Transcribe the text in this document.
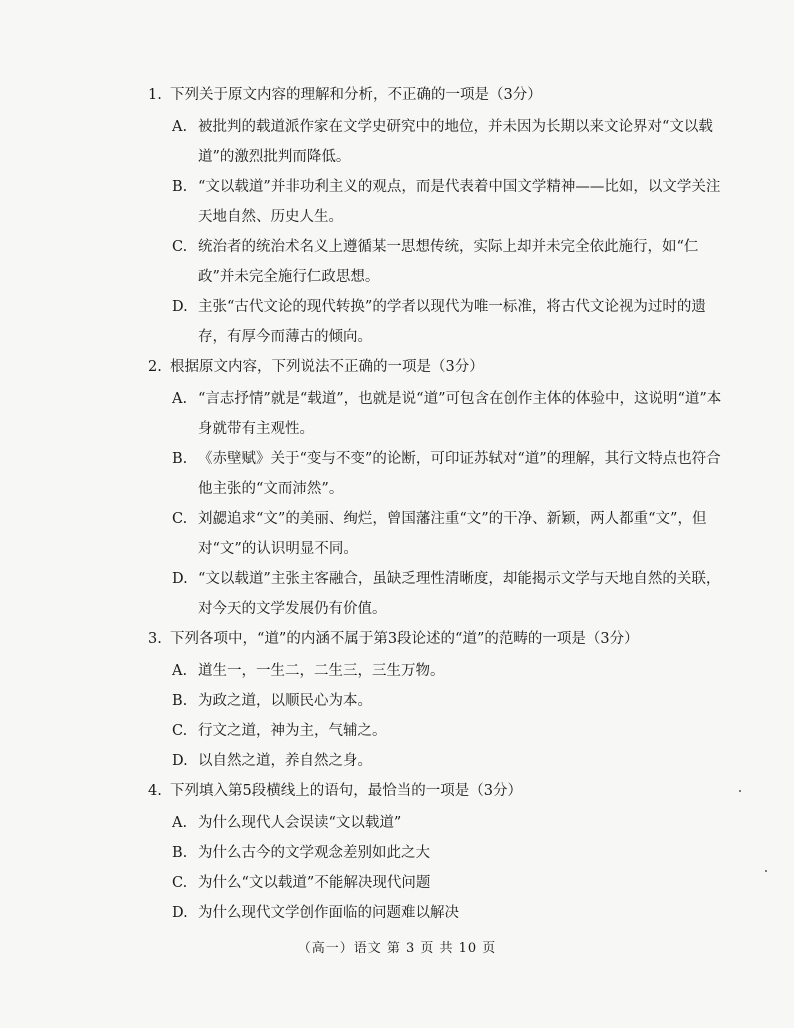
1. 下列关于原文内容的理解和分析，不正确的一项是（3分）
A. 被批判的载道派作家在文学史研究中的地位，并未因为长期以来文论界对“文以载道”的激烈批判而降低。
B. “文以载道”并非功利主义的观点，而是代表着中国文学精神——比如，以文学关注天地自然、历史人生。
C. 统治者的统治术名义上遵循某一思想传统，实际上却并未完全依此施行，如“仁政”并未完全施行仁政思想。
D. 主张“古代文论的现代转换”的学者以现代为唯一标准，将古代文论视为过时的遗存，有厚今而薄古的倾向。
2. 根据原文内容，下列说法不正确的一项是（3分）
A. “言志抒情”就是“载道”，也就是说“道”可包含在创作主体的体验中，这说明“道”本身就带有主观性。
B. 《赤壁赋》关于“变与不变”的论断，可印证苏轼对“道”的理解，其行文特点也符合他主张的“文而沛然”。
C. 刘勰追求“文”的美丽、绚烂，曾国藩注重“文”的干净、新颖，两人都重“文”，但对“文”的认识明显不同。
D. “文以载道”主张主客融合，虽缺乏理性清晰度，却能揭示文学与天地自然的关联，对今天的文学发展仍有价值。
3. 下列各项中，“道”的内涵不属于第3段论述的“道”的范畴的一项是（3分）
A. 道生一，一生二，二生三，三生万物。
B. 为政之道，以顺民心为本。
C. 行文之道，神为主，气辅之。
D. 以自然之道，养自然之身。
4. 下列填入第5段横线上的语句，最恰当的一项是（3分）
A. 为什么现代人会误读“文以载道”
B. 为什么古今的文学观念差别如此之大
C. 为什么“文以载道”不能解决现代问题
D. 为什么现代文学创作面临的问题难以解决
（高一）语文 第 3 页 共 10 页
